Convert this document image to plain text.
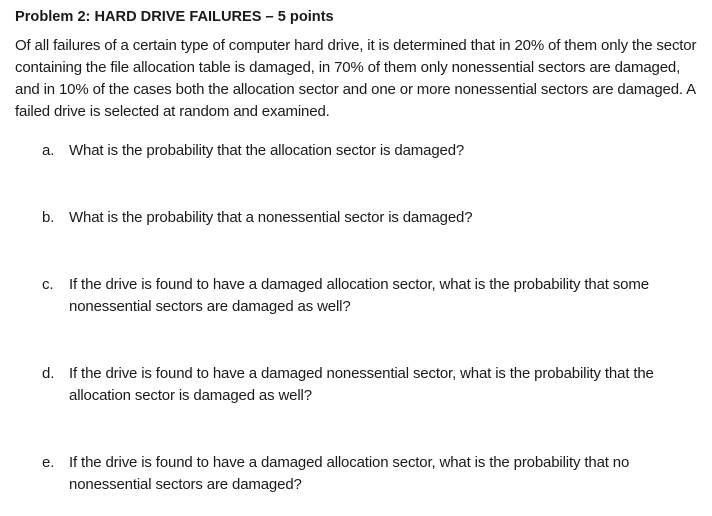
Problem 2: HARD DRIVE FAILURES – 5 points

Of all failures of a certain type of computer hard drive, it is determined that in 20% of them only the sector containing the file allocation table is damaged, in 70% of them only nonessential sectors are damaged, and in 10% of the cases both the allocation sector and one or more nonessential sectors are damaged. A failed drive is selected at random and examined.

a. What is the probability that the allocation sector is damaged?
b. What is the probability that a nonessential sector is damaged?
c.	If the drive is found to have a damaged allocation sector, what is the probability that some nonessential sectors are damaged as well?
d. If the drive is found to have a damaged nonessential sector, what is the probability that the allocation sector is damaged as well?
e. If the drive is found to have a damaged allocation sector, what is the probability that no nonessential sectors are damaged?
